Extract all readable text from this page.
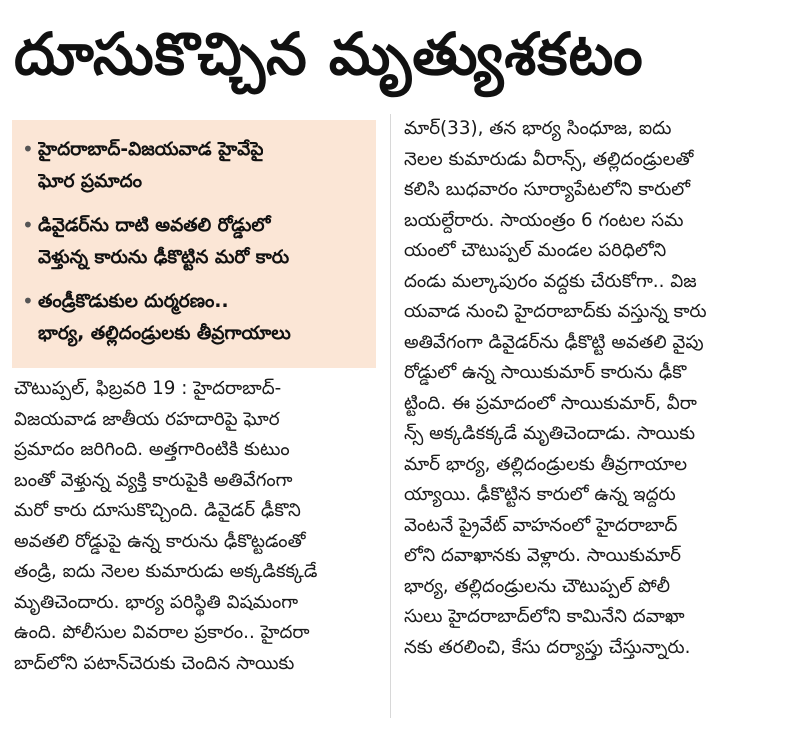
దూసుకొచ్చిన మృత్యుశకటం
• హైదరాబాద్‌-విజయవాడ హైవేపై
ఘోర ప్రమాదం
• డివైడర్‌ను దాటి అవతలి రోడ్డులో
వెళ్తున్న కారును ఢీకొట్టిన మరో కారు
• తండ్రీకొడుకుల దుర్మరణం..
భార్య, తల్లిదండ్రులకు తీవ్రగాయాలు
చౌటుప్పల్‌, ఫిబ్రవరి 19 : హైదరాబాద్‌-
విజయవాడ జాతీయ రహదారిపై ఘోర
ప్రమాదం జరిగింది. అత్తగారింటికి కుటుం
బంతో వెళ్తున్న వ్యక్తి కారుపైకి అతివేగంగా
మరో కారు దూసుకొచ్చింది. డివైడర్‌ ఢీకొని
అవతలి రోడ్డుపై ఉన్న కారును ఢీకొట్టడంతో
తండ్రి, ఐదు నెలల కుమారుడు అక్కడికక్కడే
మృతిచెందారు. భార్య పరిస్థితి విషమంగా
ఉంది. పోలీసుల వివరాల ప్రకారం.. హైదరా
బాద్‌లోని పటాన్‌చెరుకు చెందిన సాయికు
మార్‌(33), తన భార్య సింధూజ, ఐదు
నెలల కుమారుడు వీరాన్స్‌, తల్లిదండ్రులతో
కలిసి బుధవారం సూర్యాపేటలోని కారులో
బయల్దేరారు. సాయంత్రం 6 గంటల సమ
యంలో చౌటుప్పల్‌ మండల పరిధిలోని
దండు మల్కాపురం వద్దకు చేరుకోగా.. విజ
యవాడ నుంచి హైదరాబాద్‌కు వస్తున్న కారు
అతివేగంగా డివైడర్‌ను ఢీకొట్టి అవతలి వైపు
రోడ్డులో ఉన్న సాయికుమార్‌ కారును ఢీకొ
ట్టింది. ఈ ప్రమాదంలో సాయికుమార్‌, వీరా
న్స్‌ అక్కడికక్కడే మృతిచెందాడు. సాయికు
మార్‌ భార్య, తల్లిదండ్రులకు తీవ్రగాయాల
య్యాయి. ఢీకొట్టిన కారులో ఉన్న ఇద్దరు
వెంటనే ప్రైవేట్‌ వాహనంలో హైదరాబాద్‌
లోని దవాఖానకు వెళ్లారు. సాయికుమార్‌
భార్య, తల్లిదండ్రులను చౌటుప్పల్‌ పోలీ
సులు హైదరాబాద్‌లోని కామినేని దవాఖా
నకు తరలించి, కేసు దర్యాప్తు చేస్తున్నారు.
